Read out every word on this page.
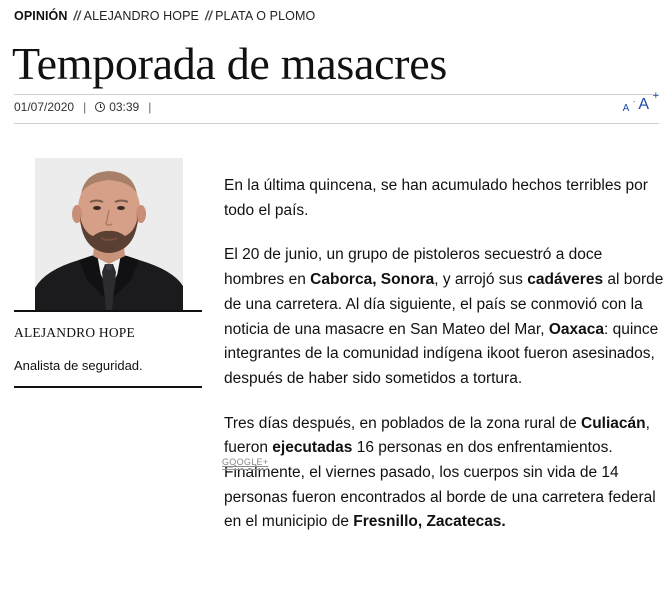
OPINIÓN // ALEJANDRO HOPE // PLATA O PLOMO
Temporada de masacres
01/07/2020 | 03:39 |	A
- A +
ALEJANDRO HOPE
Analista de seguridad.

En la última quincena, se han acumulado hechos terribles por todo el país.

El 20 de junio, un grupo de pistoleros secuestró a doce hombres en Caborca, Sonora, y arrojó sus cadáveres al borde de una carretera. Al día siguiente, el país se conmovió con la noticia de una masacre en San Mateo del Mar, Oaxaca: quince integrantes de la comunidad indígena ikoot fueron asesinados, después de haber sido sometidos a tortura.

Tres días después, en poblados de la zona rural de Culiacán, fueron ejecutadas 16 personas en dos enfrentamientos. Finalmente, el viernes pasado, los cuerpos sin vida de 14 personas fueron encontrados al borde de una carretera federal en el municipio de Fresnillo, Zacatecas.

GOOGLE+
